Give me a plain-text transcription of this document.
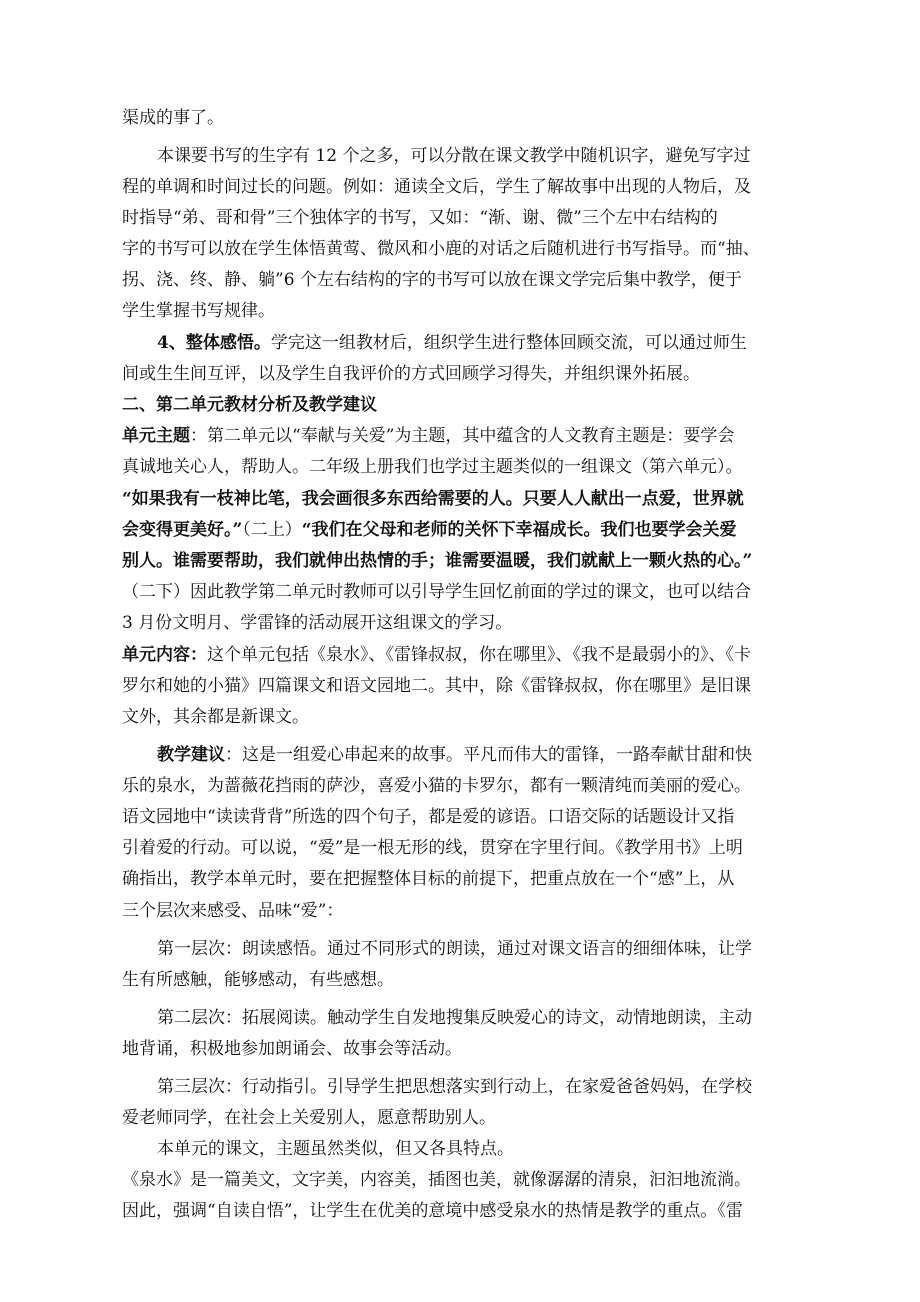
渠成的事了。
本课要书写的生字有 12 个之多，可以分散在课文教学中随机识字，避免写字过
程的单调和时间过长的问题。例如：通读全文后，学生了解故事中出现的人物后，及
时指导“弟、哥和骨”三个独体字的书写，又如：“渐、谢、微”三个左中右结构的
字的书写可以放在学生体悟黄莺、微风和小鹿的对话之后随机进行书写指导。而“抽、
拐、浇、终、静、躺”6 个左右结构的字的书写可以放在课文学完后集中教学，便于
学生掌握书写规律。
4、整体感悟。学完这一组教材后，组织学生进行整体回顾交流，可以通过师生
间或生生间互评，以及学生自我评价的方式回顾学习得失，并组织课外拓展。
二、第二单元教材分析及教学建议
单元主题：第二单元以“奉献与关爱”为主题，其中蕴含的人文教育主题是：要学会
真诚地关心人，帮助人。二年级上册我们也学过主题类似的一组课文（第六单元）。
“如果我有一枝神比笔，我会画很多东西给需要的人。只要人人献出一点爱，世界就
会变得更美好。”（二上）“我们在父母和老师的关怀下幸福成长。我们也要学会关爱
别人。谁需要帮助，我们就伸出热情的手；谁需要温暖，我们就献上一颗火热的心。”
（二下）因此教学第二单元时教师可以引导学生回忆前面的学过的课文，也可以结合
3 月份文明月、学雷锋的活动展开这组课文的学习。
单元内容：这个单元包括《泉水》、《雷锋叔叔，你在哪里》、《我不是最弱小的》、《卡
罗尔和她的小猫》四篇课文和语文园地二。其中，除《雷锋叔叔，你在哪里》是旧课
文外，其余都是新课文。
教学建议：这是一组爱心串起来的故事。平凡而伟大的雷锋，一路奉献甘甜和快
乐的泉水，为蔷薇花挡雨的萨沙，喜爱小猫的卡罗尔，都有一颗清纯而美丽的爱心。
语文园地中“读读背背”所选的四个句子，都是爱的谚语。口语交际的话题设计又指
引着爱的行动。可以说，“爱”是一根无形的线，贯穿在字里行间。《教学用书》上明
确指出，教学本单元时，要在把握整体目标的前提下，把重点放在一个“感”上，从
三个层次来感受、品味“爱”：
第一层次：朗读感悟。通过不同形式的朗读，通过对课文语言的细细体味，让学
生有所感触，能够感动，有些感想。
第二层次：拓展阅读。触动学生自发地搜集反映爱心的诗文，动情地朗读，主动
地背诵，积极地参加朗诵会、故事会等活动。
第三层次：行动指引。引导学生把思想落实到行动上，在家爱爸爸妈妈，在学校
爱老师同学，在社会上关爱别人，愿意帮助别人。
本单元的课文，主题虽然类似，但又各具特点。
《泉水》是一篇美文，文字美，内容美，插图也美，就像潺潺的清泉，汩汩地流淌。
因此，强调“自读自悟”，让学生在优美的意境中感受泉水的热情是教学的重点。《雷
